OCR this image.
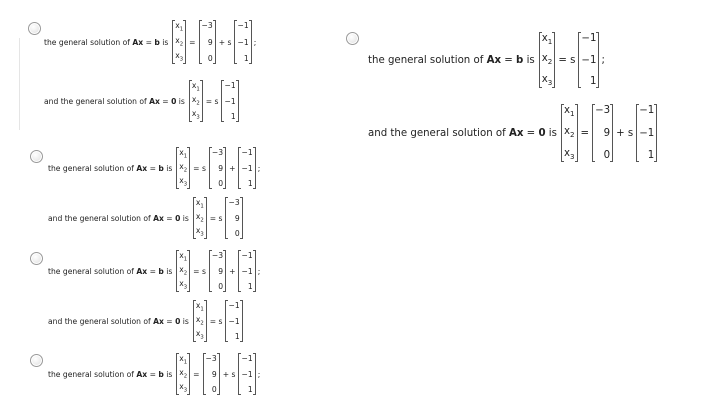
the general solution of Ax = b is
$x_1$
$x_2$
$x_3$
=
−3
9
0
+ s
−1
−1
1
;
and the general solution of Ax = 0 is
$x_1$
$x_2$
$x_3$
= s
−1
−1
1
the general solution of Ax = b is
$x_1$
$x_2$
$x_3$
= s
−1
−1
1
;
and the general solution of Ax = 0 is
$x_1$
$x_2$
$x_3$
=
−3
9
0
+ s
−1
−1
1
the general solution of Ax = b is
$x_1$
$x_2$
$x_3$
= s
−3
9
0
+
−1
−1
1
;
and the general solution of Ax = 0 is
$x_1$
$x_2$
$x_3$
= s
−3
9
0
the general solution of Ax = b is
$x_1$
$x_2$
$x_3$
= s
−3
9
0
+
−1
−1
1
;
and the general solution of Ax = 0 is
$x_1$
$x_2$
$x_3$
= s
−1
−1
1
the general solution of Ax = b is
$x_1$
$x_2$
$x_3$
=
−3
9
0
+ s
−1
−1
1
;
